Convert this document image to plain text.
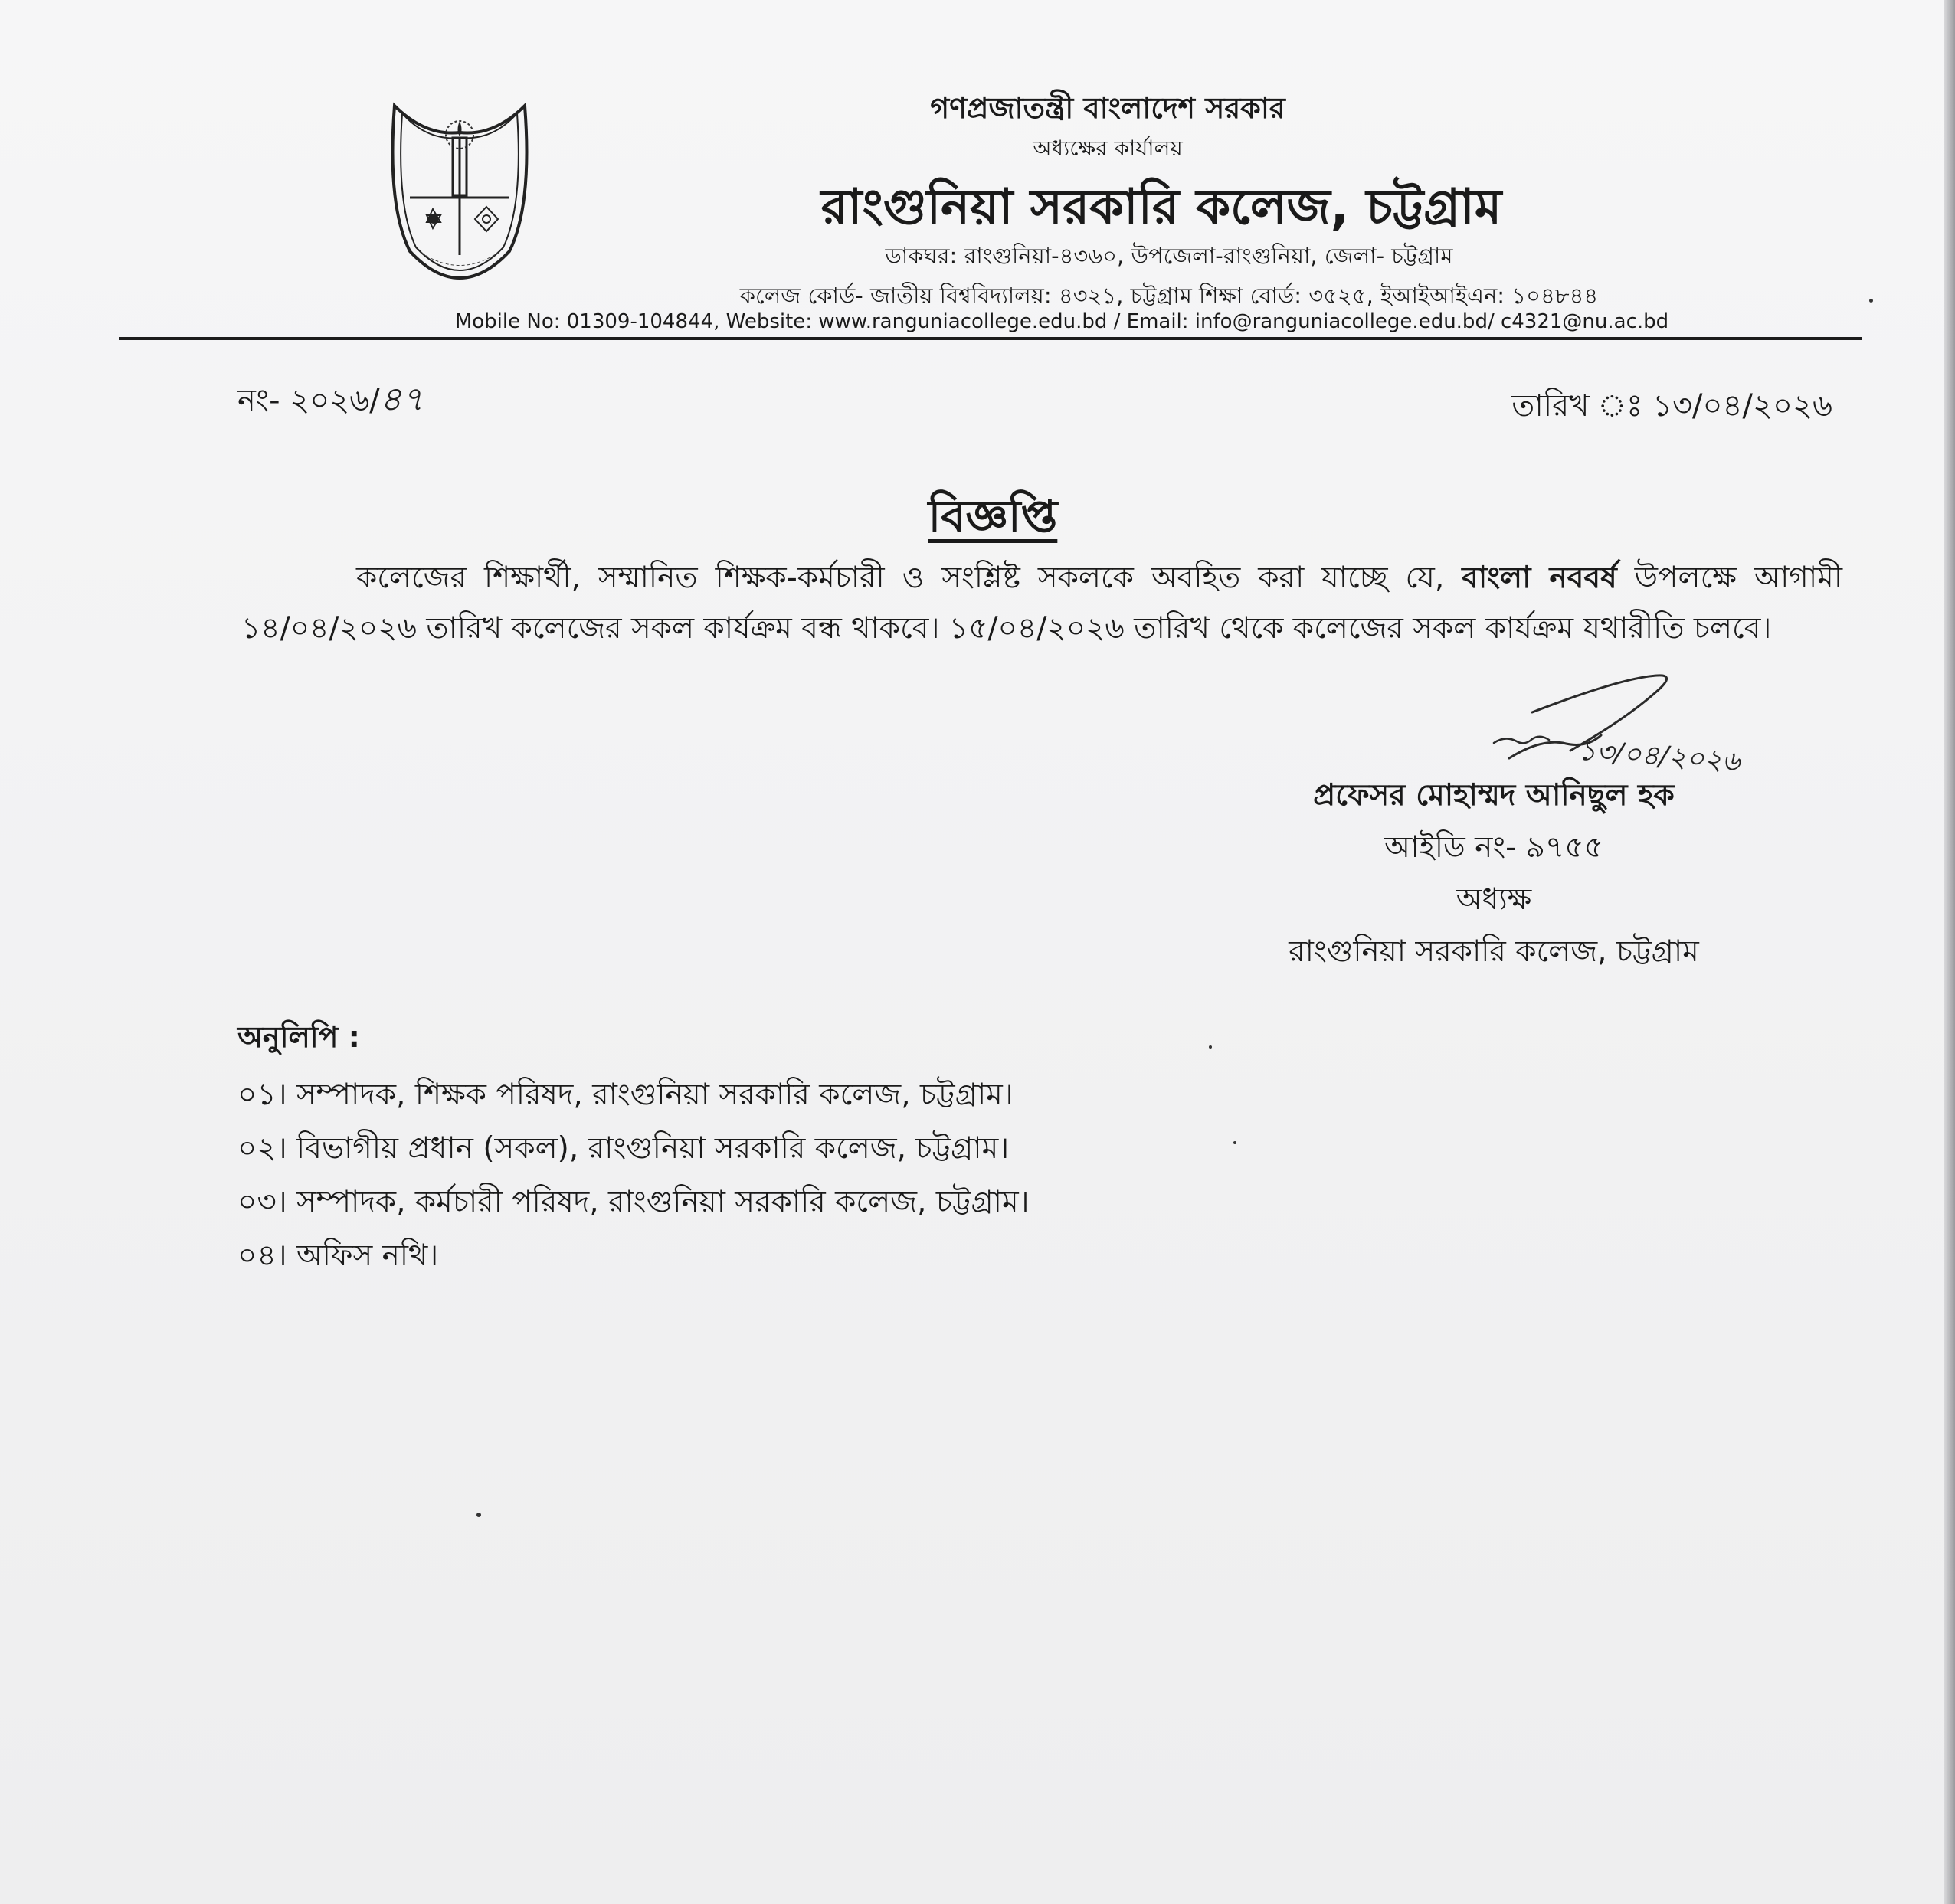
গণপ্রজাতন্ত্রী বাংলাদেশ সরকার
অধ্যক্ষের কার্যালয়
রাংগুনিয়া সরকারি কলেজ, চট্টগ্রাম
ডাকঘর: রাংগুনিয়া-৪৩৬০, উপজেলা-রাংগুনিয়া, জেলা- চট্টগ্রাম
কলেজ কোর্ড- জাতীয় বিশ্ববিদ্যালয়: ৪৩২১, চট্টগ্রাম শিক্ষা বোর্ড: ৩৫২৫, ইআইআইএন: ১০৪৮৪৪
Mobile No: 01309-104844, Website: www.ranguniacollege.edu.bd / Email: info@ranguniacollege.edu.bd/ c4321@nu.ac.bd
নং- ২০২৬/৪৭	তারিখ ঃ ১৩/০৪/২০২৬
বিজ্ঞপ্তি
কলেজের শিক্ষার্থী, সম্মানিত শিক্ষক-কর্মচারী ও সংশ্লিষ্ট সকলকে অবহিত করা যাচ্ছে যে, বাংলা নববর্ষ উপলক্ষে আগামী ১৪/০৪/২০২৬ তারিখ কলেজের সকল কার্যক্রম বন্ধ থাকবে। ১৫/০৪/২০২৬ তারিখ থেকে কলেজের সকল কার্যক্রম যথারীতি চলবে।
১৩/০৪/২০২৬
প্রফেসর মোহাম্মদ আনিছুল হক
আইডি নং- ৯৭৫৫
অধ্যক্ষ
রাংগুনিয়া সরকারি কলেজ, চট্টগ্রাম
অনুলিপি :
০১। সম্পাদক, শিক্ষক পরিষদ, রাংগুনিয়া সরকারি কলেজ, চট্টগ্রাম।
০২। বিভাগীয় প্রধান (সকল), রাংগুনিয়া সরকারি কলেজ, চট্টগ্রাম।
০৩। সম্পাদক, কর্মচারী পরিষদ, রাংগুনিয়া সরকারি কলেজ, চট্টগ্রাম।
০৪। অফিস নথি।
